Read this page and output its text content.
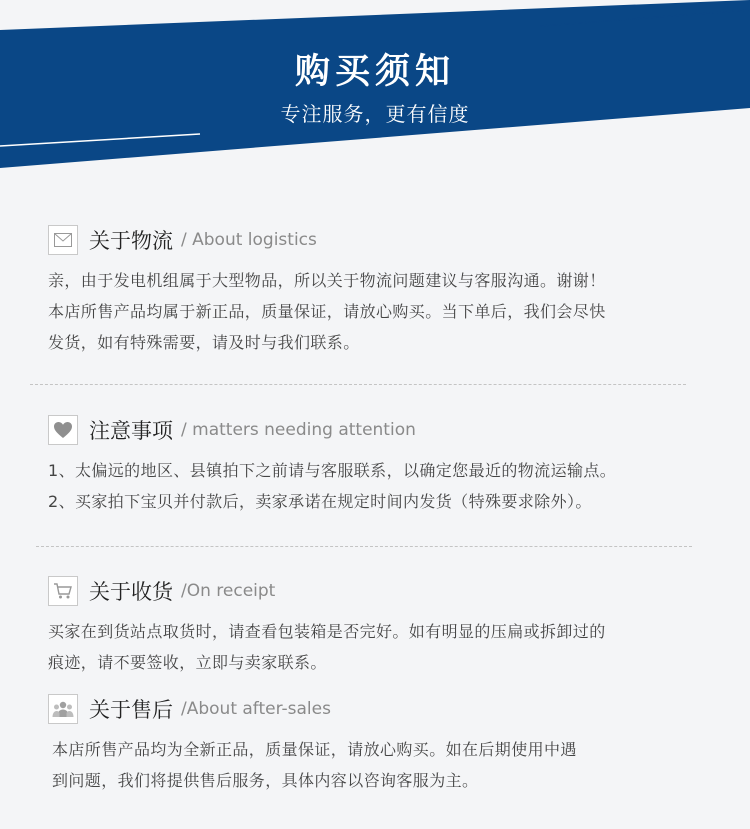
购买须知
专注服务，更有信度
关于物流 / About logistics

亲，由于发电机组属于大型物品，所以关于物流问题建议与客服沟通。谢谢！

本店所售产品均属于新正品，质量保证，请放心购买。当下单后，我们会尽快

发货，如有特殊需要，请及时与我们联系。

注意事项 / matters needing attention

1、太偏远的地区、县镇拍下之前请与客服联系，以确定您最近的物流运输点。

2、买家拍下宝贝并付款后，卖家承诺在规定时间内发货（特殊要求除外）。

关于收货 /On receipt

买家在到货站点取货时，请查看包装箱是否完好。如有明显的压扁或拆卸过的

痕迹，请不要签收，立即与卖家联系。

关于售后 /About after-sales

本店所售产品均为全新正品，质量保证，请放心购买。如在后期使用中遇

到问题，我们将提供售后服务，具体内容以咨询客服为主。
